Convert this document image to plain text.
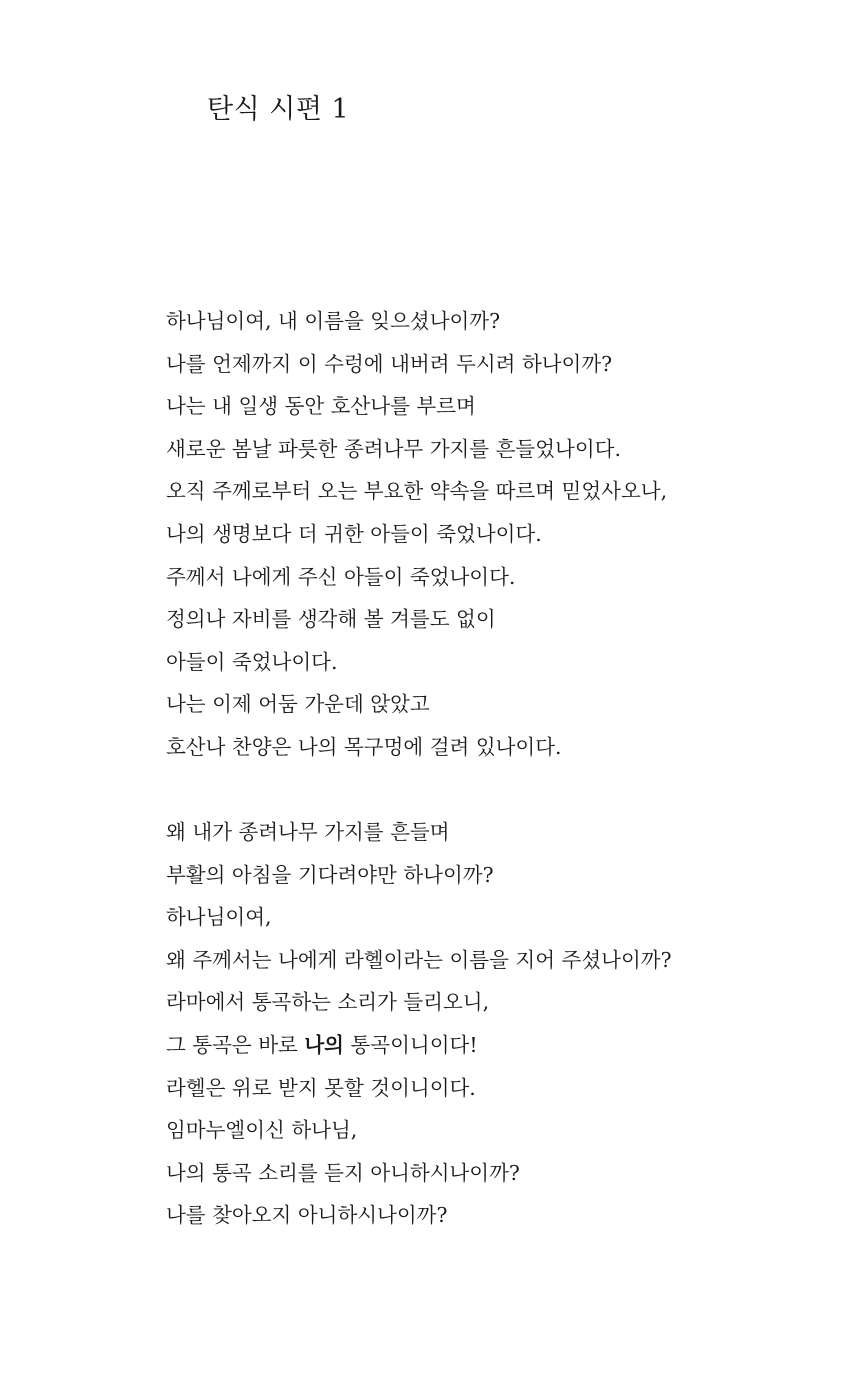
탄식 시편 1
하나님이여, 내 이름을 잊으셨나이까?
나를 언제까지 이 수렁에 내버려 두시려 하나이까?
나는 내 일생 동안 호산나를 부르며
새로운 봄날 파릇한 종려나무 가지를 흔들었나이다.
오직 주께로부터 오는 부요한 약속을 따르며 믿었사오나,
나의 생명보다 더 귀한 아들이 죽었나이다.
주께서 나에게 주신 아들이 죽었나이다.
정의나 자비를 생각해 볼 겨를도 없이
아들이 죽었나이다.
나는 이제 어둠 가운데 앉았고
호산나 찬양은 나의 목구멍에 걸려 있나이다.
왜 내가 종려나무 가지를 흔들며
부활의 아침을 기다려야만 하나이까?
하나님이여,
왜 주께서는 나에게 라헬이라는 이름을 지어 주셨나이까?
라마에서 통곡하는 소리가 들리오니,
그 통곡은 바로 나의 통곡이니이다!
라헬은 위로 받지 못할 것이니이다.
임마누엘이신 하나님,
나의 통곡 소리를 듣지 아니하시나이까?
나를 찾아오지 아니하시나이까?
